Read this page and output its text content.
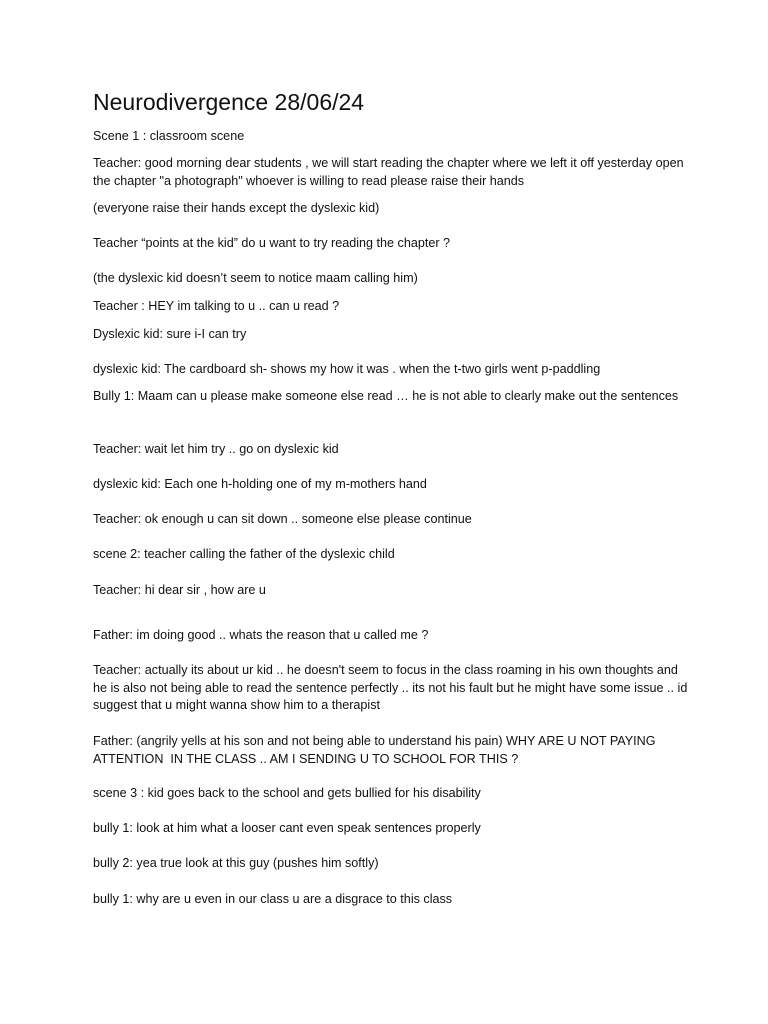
Neurodivergence 28/06/24
Scene 1 : classroom scene
Teacher: good morning dear students , we will start reading the chapter where we left it off yesterday open the chapter "a photograph" whoever is willing to read please raise their hands
(everyone raise their hands except the dyslexic kid)
Teacher “points at the kid” do u want to try reading the chapter ?
(the dyslexic kid doesn’t seem to notice maam calling him)
Teacher : HEY im talking to u .. can u read ?
Dyslexic kid: sure i-I can try
dyslexic kid: The cardboard sh- shows my how it was . when the t-two girls went p-paddling
Bully 1: Maam can u please make someone else read … he is not able to clearly make out the sentences
Teacher: wait let him try .. go on dyslexic kid
dyslexic kid: Each one h-holding one of my m-mothers hand
Teacher: ok enough u can sit down .. someone else please continue
scene 2: teacher calling the father of the dyslexic child
Teacher: hi dear sir , how are u
Father: im doing good .. whats the reason that u called me ?
Teacher: actually its about ur kid .. he doesn't seem to focus in the class roaming in his own thoughts and he is also not being able to read the sentence perfectly .. its not his fault but he might have some issue .. id suggest that u might wanna show him to a therapist
Father: (angrily yells at his son and not being able to understand his pain) WHY ARE U NOT PAYING ATTENTION  IN THE CLASS .. AM I SENDING U TO SCHOOL FOR THIS ?
scene 3 : kid goes back to the school and gets bullied for his disability
bully 1: look at him what a looser cant even speak sentences properly
bully 2: yea true look at this guy (pushes him softly)
bully 1: why are u even in our class u are a disgrace to this class
